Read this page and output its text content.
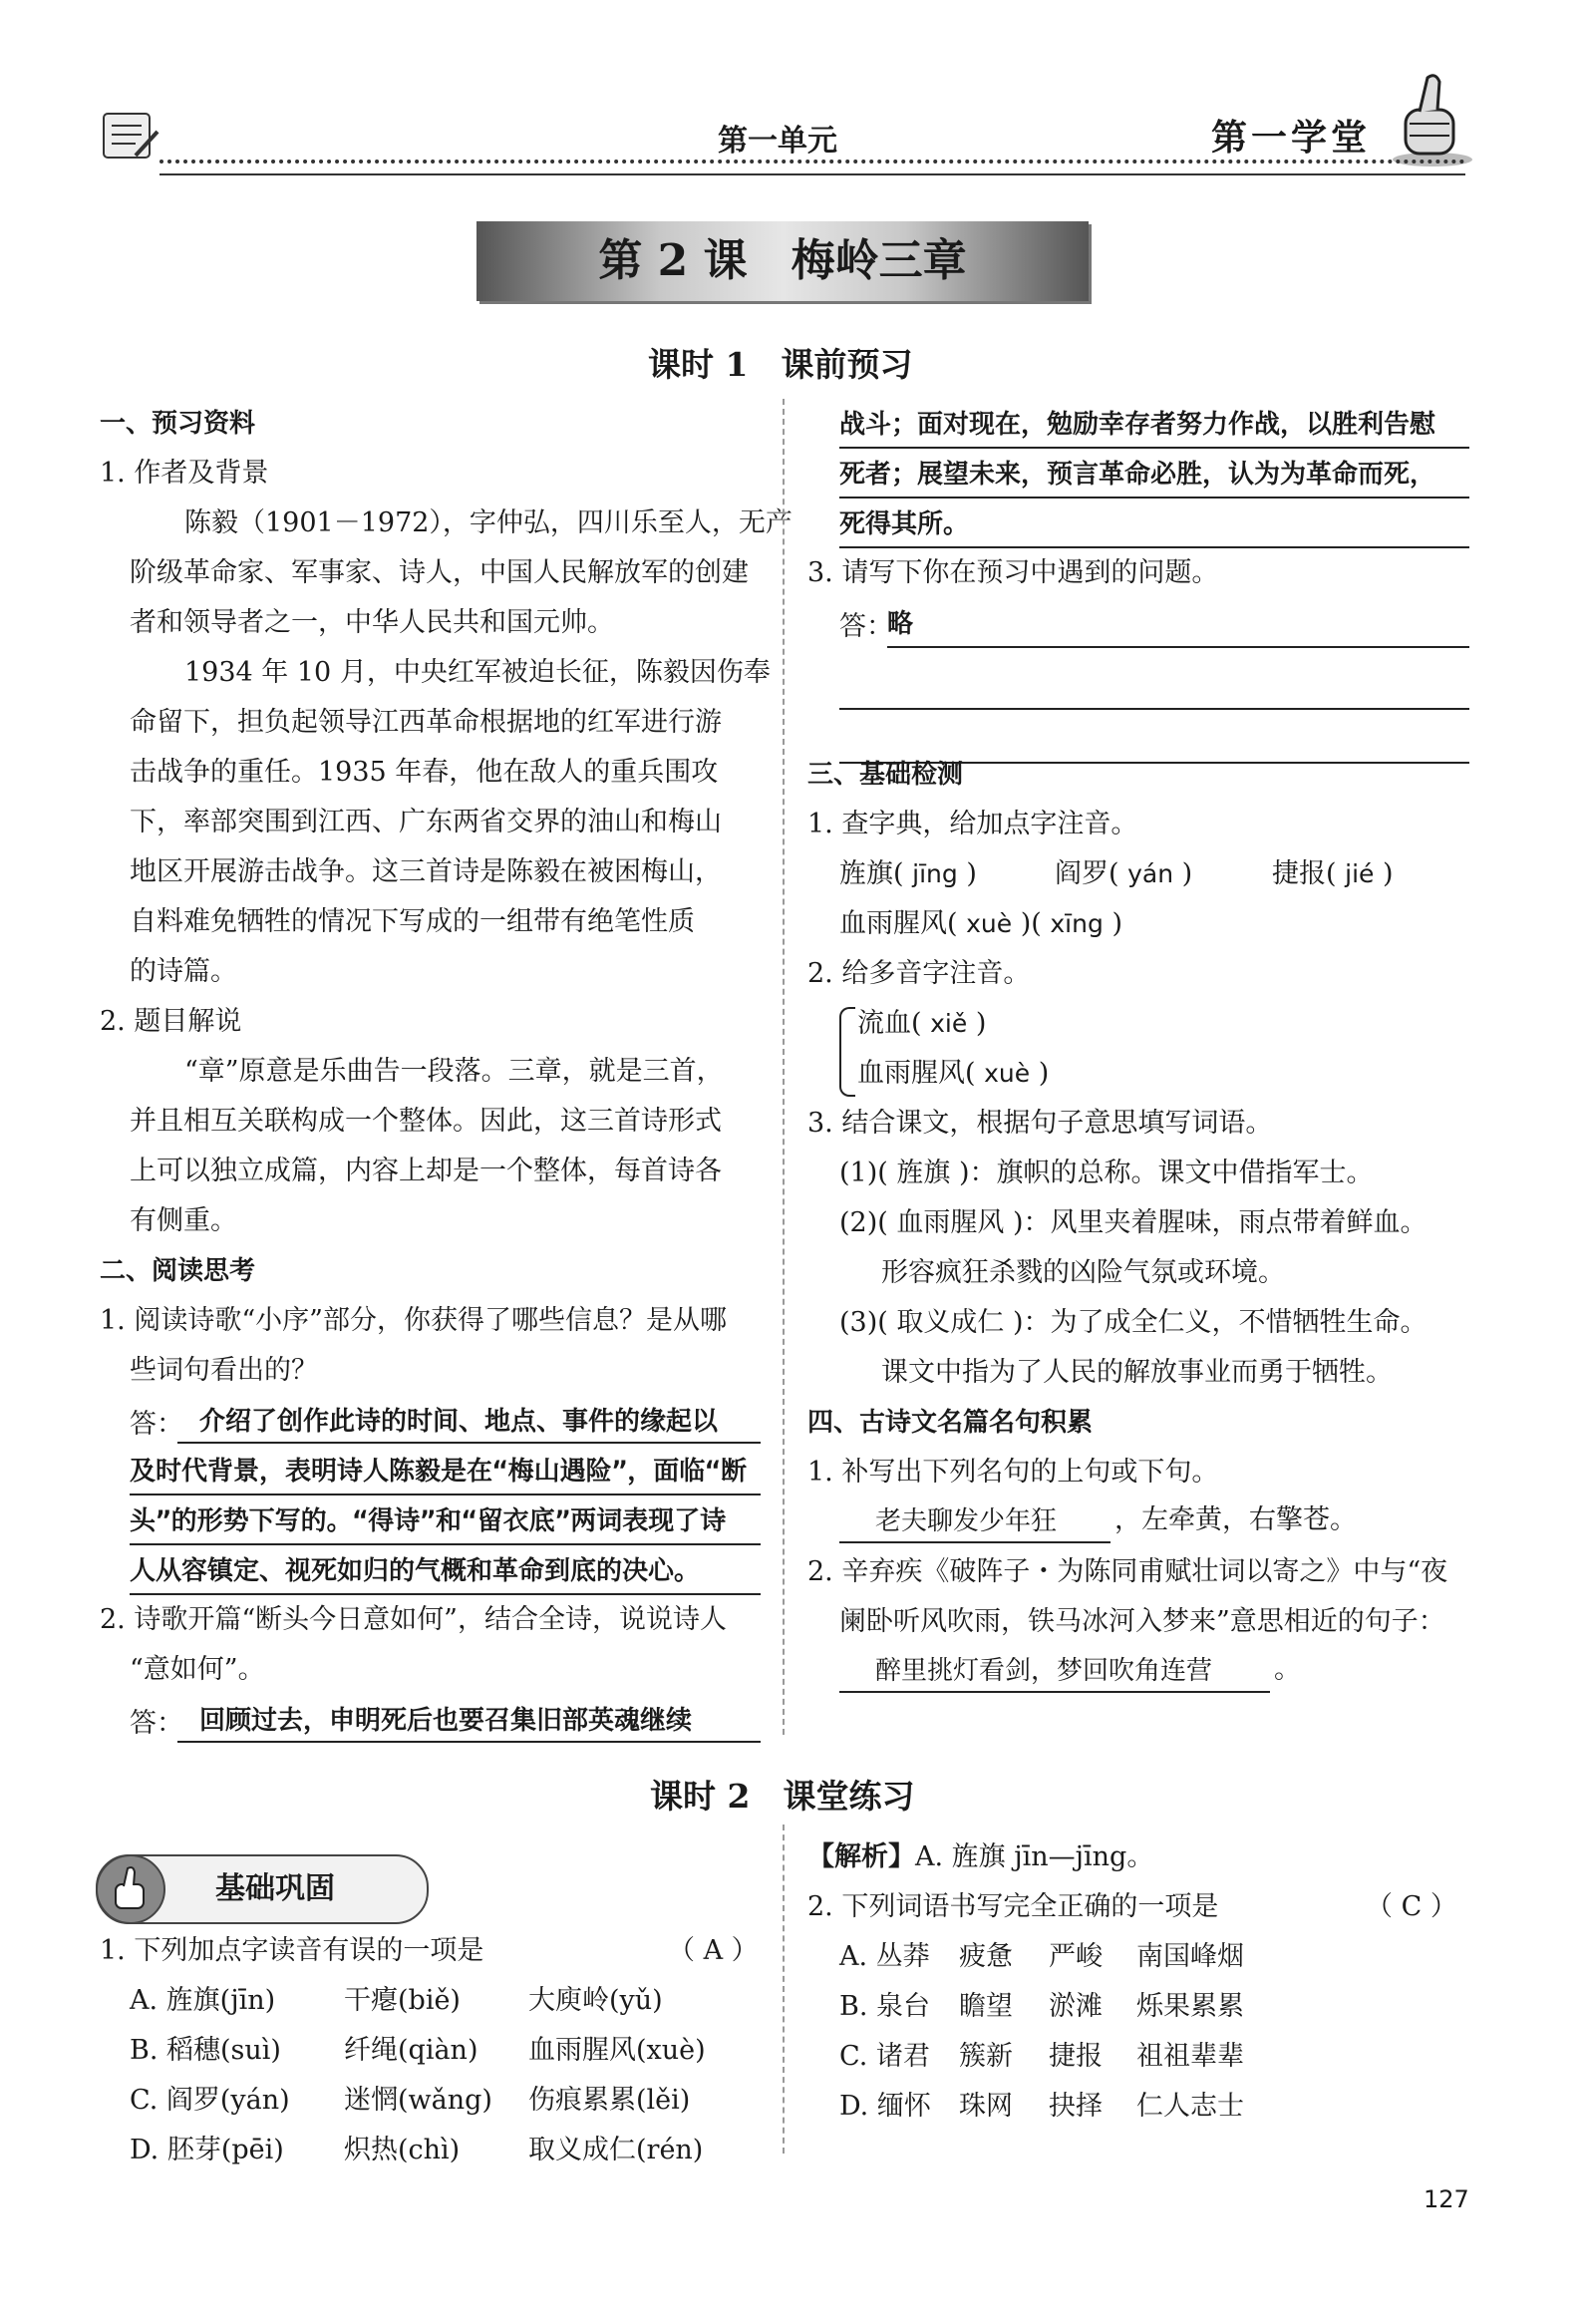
第一单元	第一学堂
第 2 课　梅岭三章
课时 1　课前预习
一、预习资料
1. 作者及背景
陈毅（1901－1972），字仲弘，四川乐至人，无产
阶级革命家、军事家、诗人，中国人民解放军的创建
者和领导者之一，中华人民共和国元帅。
1934 年 10 月，中央红军被迫长征，陈毅因伤奉
命留下，担负起领导江西革命根据地的红军进行游
击战争的重任。1935 年春，他在敌人的重兵围攻
下，率部突围到江西、广东两省交界的油山和梅山
地区开展游击战争。这三首诗是陈毅在被困梅山，
自料难免牺牲的情况下写成的一组带有绝笔性质
的诗篇。
2. 题目解说
“章”原意是乐曲告一段落。三章，就是三首，
并且相互关联构成一个整体。因此，这三首诗形式
上可以独立成篇，内容上却是一个整体，每首诗各
有侧重。
二、阅读思考
1. 阅读诗歌“小序”部分，你获得了哪些信息？是从哪
些词句看出的？
答： 介绍了创作此诗的时间、地点、事件的缘起以
及时代背景，表明诗人陈毅是在“梅山遇险”，面临“断
头”的形势下写的。“得诗”和“留衣底”两词表现了诗
人从容镇定、视死如归的气概和革命到底的决心。
2. 诗歌开篇“断头今日意如何”，结合全诗，说说诗人
“意如何”。
答： 回顾过去，申明死后也要召集旧部英魂继续
战斗；面对现在，勉励幸存者努力作战，以胜利告慰
死者；展望未来，预言革命必胜，认为为革命而死，
死得其所。
3. 请写下你在预习中遇到的问题。
答：
略
三、基础检测
1. 查字典，给加点字注音。
旌旗( jīng )	阎罗( yán )	捷报( jié )
血雨腥风( xuè )( xīng )
2. 给多音字注音。
流血( xiě )
血雨腥风( xuè )
3. 结合课文，根据句子意思填写词语。
(1)( 旌旗 )：旗帜的总称。课文中借指军士。
(2)( 血雨腥风 )：风里夹着腥味，雨点带着鲜血。
形容疯狂杀戮的凶险气氛或环境。
(3)( 取义成仁 )：为了成全仁义，不惜牺牲生命。
课文中指为了人民的解放事业而勇于牺牲。
四、古诗文名篇名句积累
1. 补写出下列名句的上句或下句。
老夫聊发少年狂	，左牵黄，右擎苍。
2. 辛弃疾《破阵子・为陈同甫赋壮词以寄之》中与“夜
阑卧听风吹雨，铁马冰河入梦来”意思相近的句子：
醉里挑灯看剑，梦回吹角连营	。
课时 2　课堂练习
基础巩固
1. 下列加点字读音有误的一项是	（ A ）
A. 旌旗(jīn)	干瘪(biě)	大庾岭(yǔ)
B. 稻穗(suì) 纤绳(qiàn) 血雨腥风(xuè)
C. 阎罗(yán) 迷惘(wǎng) 伤痕累累(lěi)
D. 胚芽(pēi) 炽热(chì)	取义成仁(rén)
【解析】A. 旌旗 jīn—jīng。
2. 下列词语书写完全正确的一项是	（ C ）
A. 丛莽 疲惫 严峻 南国峰烟
B. 泉台 瞻望 淤滩 烁果累累
C. 诸君 簇新 捷报 祖祖辈辈
D. 缅怀 珠网 抉择 仁人志士
127
